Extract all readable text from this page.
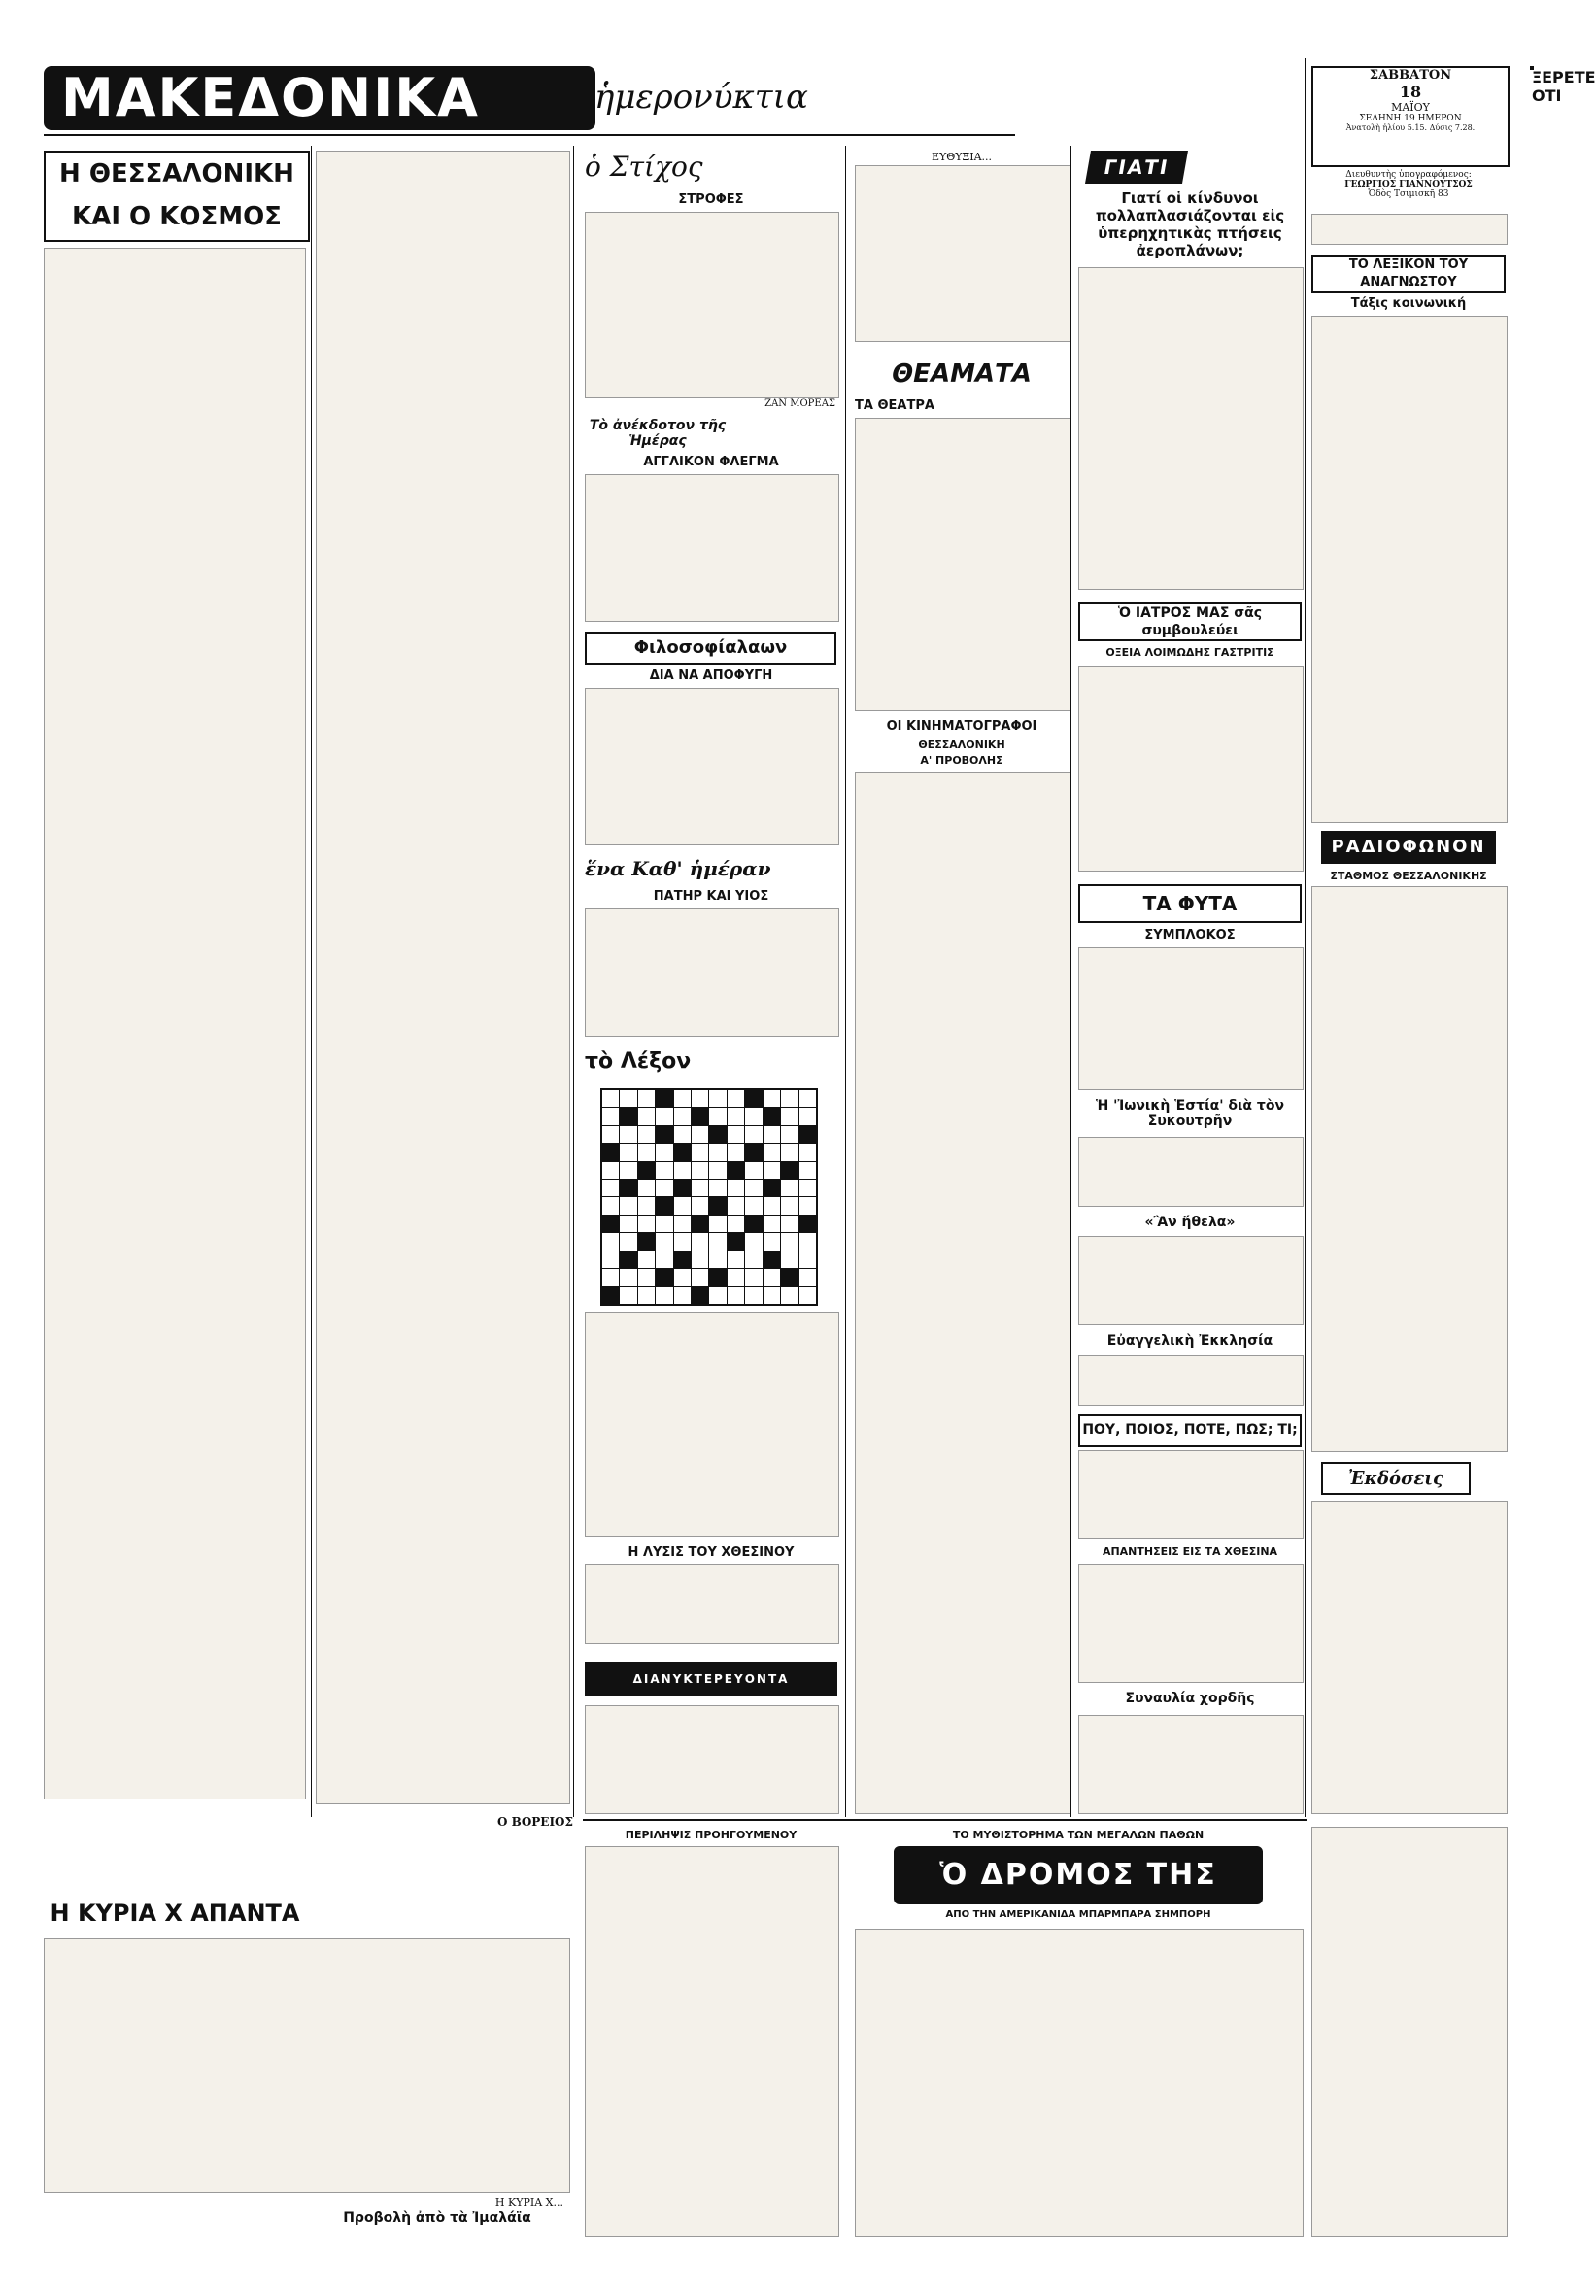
ΜΑΚΕΔΟΝΙΚΑ	ἡμερονύκτια
Η ΘΕΣΣΑΛΟΝΙΚΗ ΚΑΙ Ο ΚΟΣΜΟΣ
Ο ΒΟΡΕΙΟΣ
Η ΚΥΡΙΑ Χ ΑΠΑΝΤΑ
Η ΚΥΡΙΑ Χ...
Προβολὴ ἀπὸ τὰ Ἰμαλάϊα
ὁ Στίχος
ΣΤΡΟΦΕΣ
ΖΑΝ ΜΟΡΕΑΣ
Τὸ ἀνέκδοτον τῆς Ἡμέρας
ΑΓΓΛΙΚΟΝ ΦΛΕΓΜΑ
Φιλοσοφίαλαων
ΔΙΑ ΝΑ ΑΠΟΦΥΓΗ
ἕνα Καθ' ἡμέραν
ΠΑΤΗΡ ΚΑΙ ΥΙΟΣ
τὸ Λέξον
Η ΛΥΣΙΣ ΤΟΥ ΧΘΕΣΙΝΟΥ
ΔΙΑΝΥΚΤΕΡΕΥΟΝΤΑ
ΕΥΘΥΞΙΑ...
ΘΕΑΜΑΤΑ
ΤΑ ΘΕΑΤΡΑ
ΟΙ ΚΙΝΗΜΑΤΟΓΡΑΦΟΙ
ΘΕΣΣΑΛΟΝΙΚΗ
Α' ΠΡΟΒΟΛΗΣ
ΓΙΑΤΙ
Γιατί οἱ κίνδυνοι πολλαπλασιάζονται εἰς ὑπερηχητικὰς πτήσεις ἀεροπλάνων;
Ὁ ΙΑΤΡΟΣ ΜΑΣ σᾶς συμβουλεύει
ΟΞΕΙΑ ΛΟΙΜΩΔΗΣ ΓΑΣΤΡΙΤΙΣ
ΤΑ ΦΥΤΑ
ΣΥΜΠΛΟΚΟΣ
Ἡ 'Ἰωνικὴ Ἑστία' διὰ τὸν Συκουτρῆν
«Ἂν ἤθελα»
Εὐαγγελικὴ Ἐκκλησία
ΠΟΥ, ΠΟΙΟΣ, ΠΟΤΕ, ΠΩΣ; ΤΙ;
ΑΠΑΝΤΗΣΕΙΣ ΕΙΣ ΤΑ ΧΘΕΣΙΝΑ
Συναυλία χορδῆς
ΣΑΒΒΑΤΟΝ
18
ΜΑΪΟΥ
ΣΕΛΗΝΗ 19 ΗΜΕΡΩΝ
Ἀνατολὴ ἡλίου 5.15. Δύσις 7.28.
Διευθυντὴς ὑπογραφόμενος:
ΓΕΩΡΓΙΟΣ ΓΙΑΝΝΟΥΤΣΟΣ
Ὁδὸς Τσιμισκῆ 83
ΤΟ ΛΕΞΙΚΟΝ ΤΟΥ ΑΝΑΓΝΩΣΤΟΥ
Τάξις κοινωνική
ΡΑΔΙΟΦΩΝΟΝ
ΣΤΑΘΜΟΣ ΘΕΣΣΑΛΟΝΙΚΗΣ
Ἐκδόσεις
ΞΕΡΕΤΕ ΟΤΙ
ΠΕΡΙΛΗΨΙΣ ΠΡΟΗΓΟΥΜΕΝΟΥ	ΤΟ ΜΥΘΙΣΤΟΡΗΜΑ ΤΩΝ ΜΕΓΑΛΩΝ ΠΑΘΩΝ
Ὁ ΔΡΟΜΟΣ ΤΗΣ
ΑΠΟ ΤΗΝ ΑΜΕΡΙΚΑΝΙΔΑ ΜΠΑΡΜΠΑΡΑ ΣΗΜΠΟΡΗ
